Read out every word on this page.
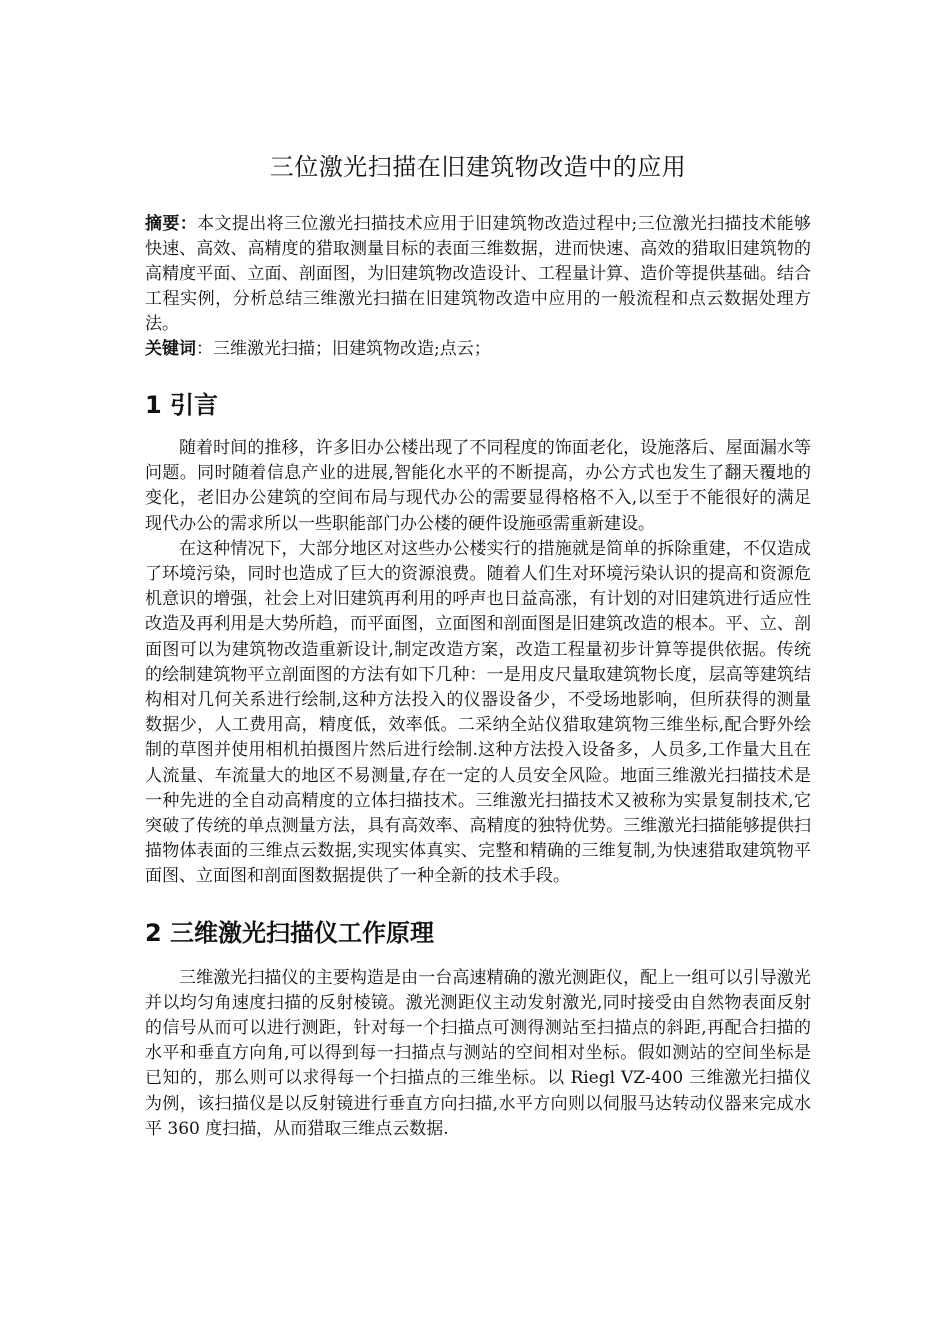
三位激光扫描在旧建筑物改造中的应用

摘要：本文提出将三位激光扫描技术应用于旧建筑物改造过程中;三位激光扫描技术能够快速、高效、高精度的猎取测量目标的表面三维数据，进而快速、高效的猎取旧建筑物的高精度平面、立面、剖面图，为旧建筑物改造设计、工程量计算、造价等提供基础。结合工程实例，分析总结三维激光扫描在旧建筑物改造中应用的一般流程和点云数据处理方法。

关键词：三维激光扫描；旧建筑物改造;点云；

1 引言

随着时间的推移，许多旧办公楼出现了不同程度的饰面老化，设施落后、屋面漏水等问题。同时随着信息产业的进展,智能化水平的不断提高，办公方式也发生了翻天覆地的变化，老旧办公建筑的空间布局与现代办公的需要显得格格不入,以至于不能很好的满足现代办公的需求所以一些职能部门办公楼的硬件设施亟需重新建设。

在这种情况下，大部分地区对这些办公楼实行的措施就是简单的拆除重建，不仅造成了环境污染，同时也造成了巨大的资源浪费。随着人们生对环境污染认识的提高和资源危机意识的增强，社会上对旧建筑再利用的呼声也日益高涨，有计划的对旧建筑进行适应性改造及再利用是大势所趋，而平面图，立面图和剖面图是旧建筑改造的根本。平、立、剖面图可以为建筑物改造重新设计,制定改造方案，改造工程量初步计算等提供依据。传统的绘制建筑物平立剖面图的方法有如下几种：一是用皮尺量取建筑物长度，层高等建筑结构相对几何关系进行绘制,这种方法投入的仪器设备少，不受场地影响，但所获得的测量数据少，人工费用高，精度低，效率低。二采纳全站仪猎取建筑物三维坐标,配合野外绘制的草图并使用相机拍摄图片然后进行绘制.这种方法投入设备多，人员多,工作量大且在人流量、车流量大的地区不易测量,存在一定的人员安全风险。地面三维激光扫描技术是一种先进的全自动高精度的立体扫描技术。三维激光扫描技术又被称为实景复制技术,它突破了传统的单点测量方法，具有高效率、高精度的独特优势。三维激光扫描能够提供扫描物体表面的三维点云数据,实现实体真实、完整和精确的三维复制,为快速猎取建筑物平面图、立面图和剖面图数据提供了一种全新的技术手段。

2 三维激光扫描仪工作原理

三维激光扫描仪的主要构造是由一台高速精确的激光测距仪，配上一组可以引导激光并以均匀角速度扫描的反射棱镜。激光测距仪主动发射激光,同时接受由自然物表面反射的信号从而可以进行测距，针对每一个扫描点可测得测站至扫描点的斜距,再配合扫描的水平和垂直方向角,可以得到每一扫描点与测站的空间相对坐标。假如测站的空间坐标是已知的，那么则可以求得每一个扫描点的三维坐标。以 Riegl VZ-400 三维激光扫描仪为例，该扫描仪是以反射镜进行垂直方向扫描,水平方向则以伺服马达转动仪器来完成水平 360 度扫描，从而猎取三维点云数据.
